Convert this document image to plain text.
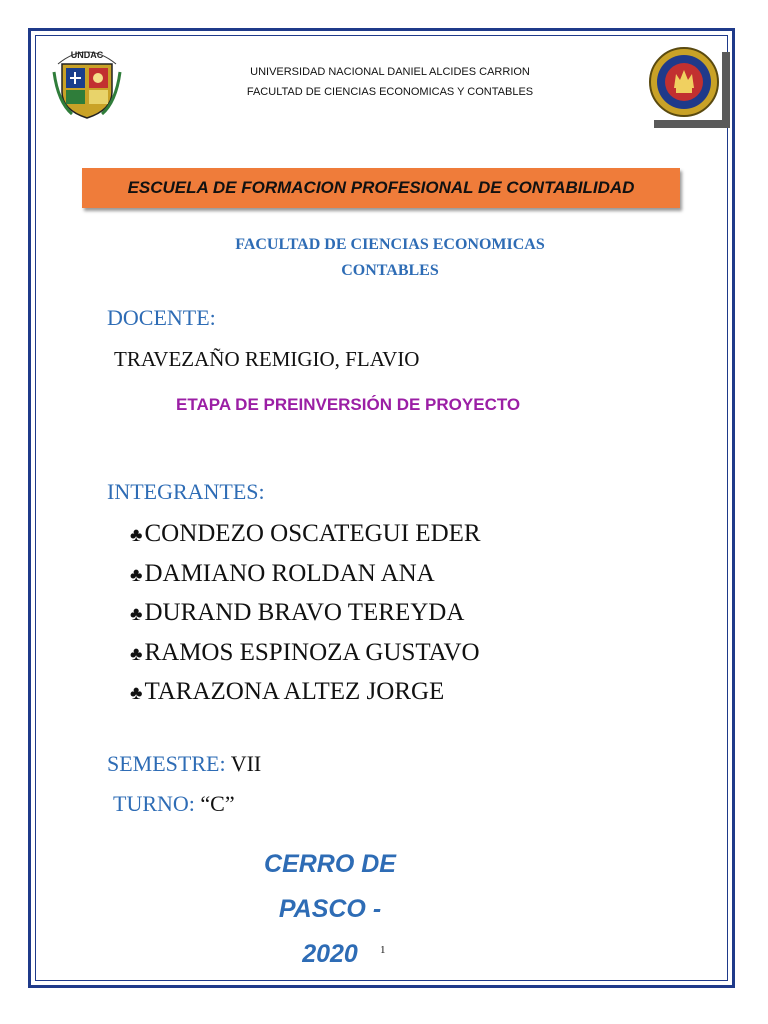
UNDAC
UNIVERSIDAD NACIONAL DANIEL ALCIDES CARRION
FACULTAD DE CIENCIAS ECONOMICAS Y CONTABLES
ESCUELA DE FORMACION PROFESIONAL DE CONTABILIDAD
FACULTAD DE CIENCIAS ECONOMICAS
CONTABLES
DOCENTE:
TRAVEZAÑO REMIGIO, FLAVIO
ETAPA DE PREINVERSIÓN DE PROYECTO
INTEGRANTES:
♣CONDEZO OSCATEGUI EDER
♣DAMIANO ROLDAN ANA
♣DURAND BRAVO TEREYDA
♣RAMOS ESPINOZA GUSTAVO
♣TARAZONA ALTEZ JORGE
SEMESTRE: VII
TURNO: “C”
CERRO DE
PASCO -
2020	1
